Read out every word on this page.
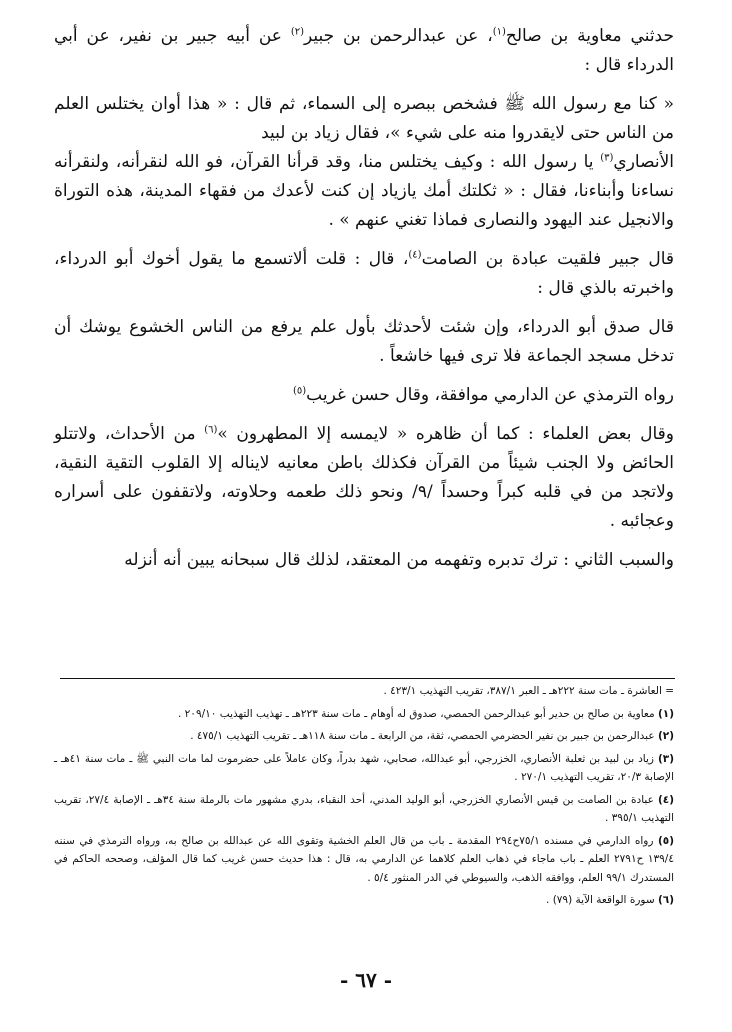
حدثني معاوية بن صالح$^{(١)}$، عن عبدالرحمن بن جبير$^{(٢)}$ عن أبيه جبير بن نفير، عن أبي الدرداء قال :

« كنا مع رسول الله ﷺ فشخص ببصره إلى السماء، ثم قال : « هذا أوان يختلس العلم من الناس حتى لايقدروا منه على شيء »، فقال زياد بن لبيد

الأنصاري$^{(٣)}$ يا رسول الله : وكيف يختلس منا، وقد قرأنا القرآن، فو الله لنقرأنه، ولنقرأنه نساءنا وأبناءنا، فقال : « ثكلتك أمك يازياد إن كنت لأعدك من فقهاء المدينة، هذه التوراة والانجيل عند اليهود والنصارى فماذا تغني عنهم » .

قال جبير فلقيت عبادة بن الصامت$^{(٤)}$، قال : قلت ألاتسمع ما يقول أخوك أبو الدرداء، واخبرته بالذي قال :

قال صدق أبو الدرداء، وإن شئت لأحدثك بأول علم يرفع من الناس الخشوع يوشك أن تدخل مسجد الجماعة فلا ترى فيها خاشعاً .

رواه الترمذي عن الدارمي موافقة، وقال حسن غريب$^{(٥)}$

وقال بعض العلماء : كما أن ظاهره « لايمسه إلا المطهرون »$^{(٦)}$ من الأحداث، ولاتتلو الحائض ولا الجنب شيئاً من القرآن فكذلك باطن معانيه لايناله إلا القلوب التقية النقية، ولاتجد من في قلبه كبراً وحسداً /٩/ ونحو ذلك طعمه وحلاوته، ولاتقفون على أسراره وعجائبه .

والسبب الثاني : ترك تدبره وتفهمه من المعتقد، لذلك قال سبحانه يبين أنه أنزله

= العاشرة ـ مات سنة ٢٢٢هـ ـ العبر ٣٨٧/١، تقريب التهذيب ٤٢٣/١ .

(١) معاوية بن صالح بن حدير أبو عبدالرحمن الحمصي، صدوق له أوهام ـ مات سنة ٢٢٣هـ ـ تهذيب التهذيب ٢٠٩/١٠ .

(٢) عبدالرحمن بن جبير بن نفير الحضرمي الحمصي، ثقة، من الرابعة ـ مات سنة ١١٨هـ ـ تقريب التهذيب ٤٧٥/١ .

(٣) زياد بن لبيد بن ثعلبة الأنصاري، الخزرجي، أبو عبدالله، صحابي، شهد بدراً، وكان عاملاً على حضرموت لما مات النبي ﷺ ـ مات سنة ٤١هـ ـ الإصابة ٢٠/٣، تقريب التهذيب ٢٧٠/١ .

(٤) عبادة بن الصامت بن قيس الأنصاري الخزرجي، أبو الوليد المدني، أحد النقباء، بدري مشهور مات بالرملة سنة ٣٤هـ ـ الإصابة ٢٧/٤، تقريب التهذيب ٣٩٥/١ .

(٥) رواه الدارمي في مسنده ٧٥/١ح٢٩٤ المقدمة ـ باب من قال العلم الخشية وتقوى الله عن عبدالله بن صالح به، ورواه الترمذي في سننه ١٣٩/٤ ح٢٧٩١ العلم ـ باب ماجاء في ذهاب العلم كلاهما عن الدارمي به، قال : هذا حديث حسن غريب كما قال المؤلف، وصححه الحاكم في المستدرك ٩٩/١ العلم، ووافقه الذهب، والسيوطي في الدر المنثور ٥/٤ .

(٦) سورة الواقعة الآية (٧٩) .

- ٦٧ -
